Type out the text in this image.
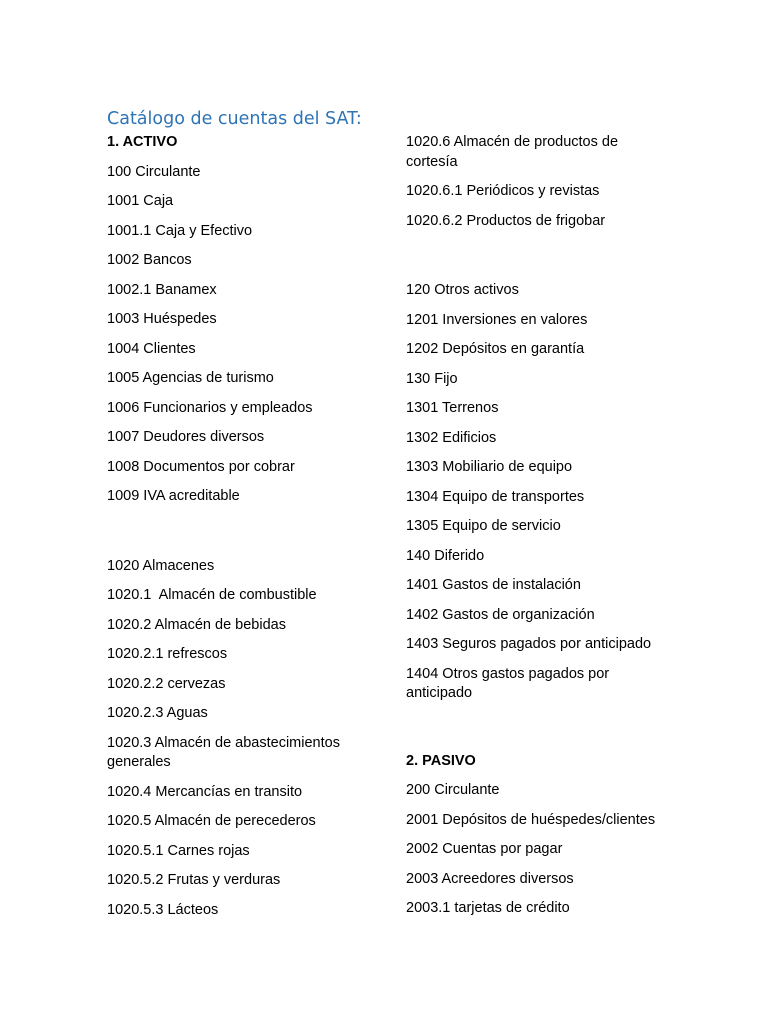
Catálogo de cuentas del SAT:

1. ACTIVO

100 Circulante

1001 Caja

1001.1 Caja y Efectivo

1002 Bancos

1002.1 Banamex

1003 Huéspedes

1004 Clientes

1005 Agencias de turismo

1006 Funcionarios y empleados

1007 Deudores diversos

1008 Documentos por cobrar

1009 IVA acreditable

1020 Almacenes

1020.1  Almacén de combustible

1020.2 Almacén de bebidas

1020.2.1 refrescos

1020.2.2 cervezas

1020.2.3 Aguas

1020.3 Almacén de abastecimientos generales

1020.4 Mercancías en transito

1020.5 Almacén de perecederos

1020.5.1 Carnes rojas

1020.5.2 Frutas y verduras

1020.5.3 Lácteos

1020.6 Almacén de productos de cortesía

1020.6.1 Periódicos y revistas

1020.6.2 Productos de frigobar

120 Otros activos

1201 Inversiones en valores

1202 Depósitos en garantía

130 Fijo

1301 Terrenos

1302 Edificios

1303 Mobiliario de equipo

1304 Equipo de transportes

1305 Equipo de servicio

140 Diferido

1401 Gastos de instalación

1402 Gastos de organización

1403 Seguros pagados por anticipado

1404 Otros gastos pagados por anticipado

2. PASIVO

200 Circulante

2001 Depósitos de huéspedes/clientes

2002 Cuentas por pagar

2003 Acreedores diversos

2003.1 tarjetas de crédito
